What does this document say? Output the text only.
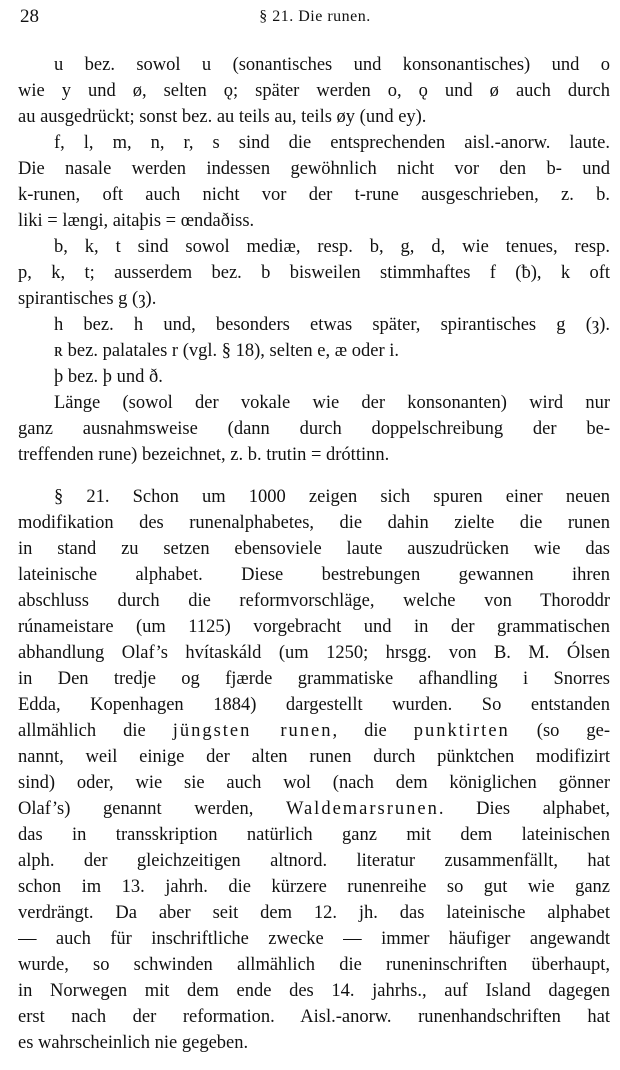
28	§ 21. Die runen.
u bez. sowol u (sonantisches und konsonantisches) und o
wie y und ø, selten ǫ; später werden o, ǫ und ø auch durch
au ausgedrückt; sonst bez. au teils au, teils øy (und ey).
f, l, m, n, r, s sind die entsprechenden aisl.-anorw. laute.
Die nasale werden indessen gewöhnlich nicht vor den b- und
k-runen, oft auch nicht vor der t-rune ausgeschrieben, z. b.
liki = længi, aitaþis = œndaðiss.
b, k, t sind sowol mediæ, resp. b, g, d, wie tenues, resp.
p, k, t; ausserdem bez. b bisweilen stimmhaftes f (ƀ), k oft
spirantisches g (ȝ).
h bez. h und, besonders etwas später, spirantisches g (ȝ).
ʀ bez. palatales r (vgl. § 18), selten e, æ oder i.
þ bez. þ und ð.
Länge (sowol der vokale wie der konsonanten) wird nur
ganz ausnahmsweise (dann durch doppelschreibung der be-
treffenden rune) bezeichnet, z. b. trutin = dróttinn.
§ 21. Schon um 1000 zeigen sich spuren einer neuen
modifikation des runenalphabetes, die dahin zielte die runen
in stand zu setzen ebensoviele laute auszudrücken wie das
lateinische alphabet. Diese bestrebungen gewannen ihren
abschluss durch die reformvorschläge, welche von Thoroddr
rúnameistare (um 1125) vorgebracht und in der grammatischen
abhandlung Olaf’s hvítaskáld (um 1250; hrsgg. von B. M. Ólsen
in Den tredje og fjærde grammatiske afhandling i Snorres
Edda, Kopenhagen 1884) dargestellt wurden. So entstanden
allmählich die jüngsten runen, die punktirten (so ge-
nannt, weil einige der alten runen durch pünktchen modifizirt
sind) oder, wie sie auch wol (nach dem königlichen gönner
Olaf’s) genannt werden, Waldemarsrunen. Dies alphabet,
das in transskription natürlich ganz mit dem lateinischen
alph. der gleichzeitigen altnord. literatur zusammenfällt, hat
schon im 13. jahrh. die kürzere runenreihe so gut wie ganz
verdrängt. Da aber seit dem 12. jh. das lateinische alphabet
— auch für inschriftliche zwecke — immer häufiger angewandt
wurde, so schwinden allmählich die runeninschriften überhaupt,
in Norwegen mit dem ende des 14. jahrhs., auf Island dagegen
erst nach der reformation. Aisl.-anorw. runenhandschriften hat
es wahrscheinlich nie gegeben.
